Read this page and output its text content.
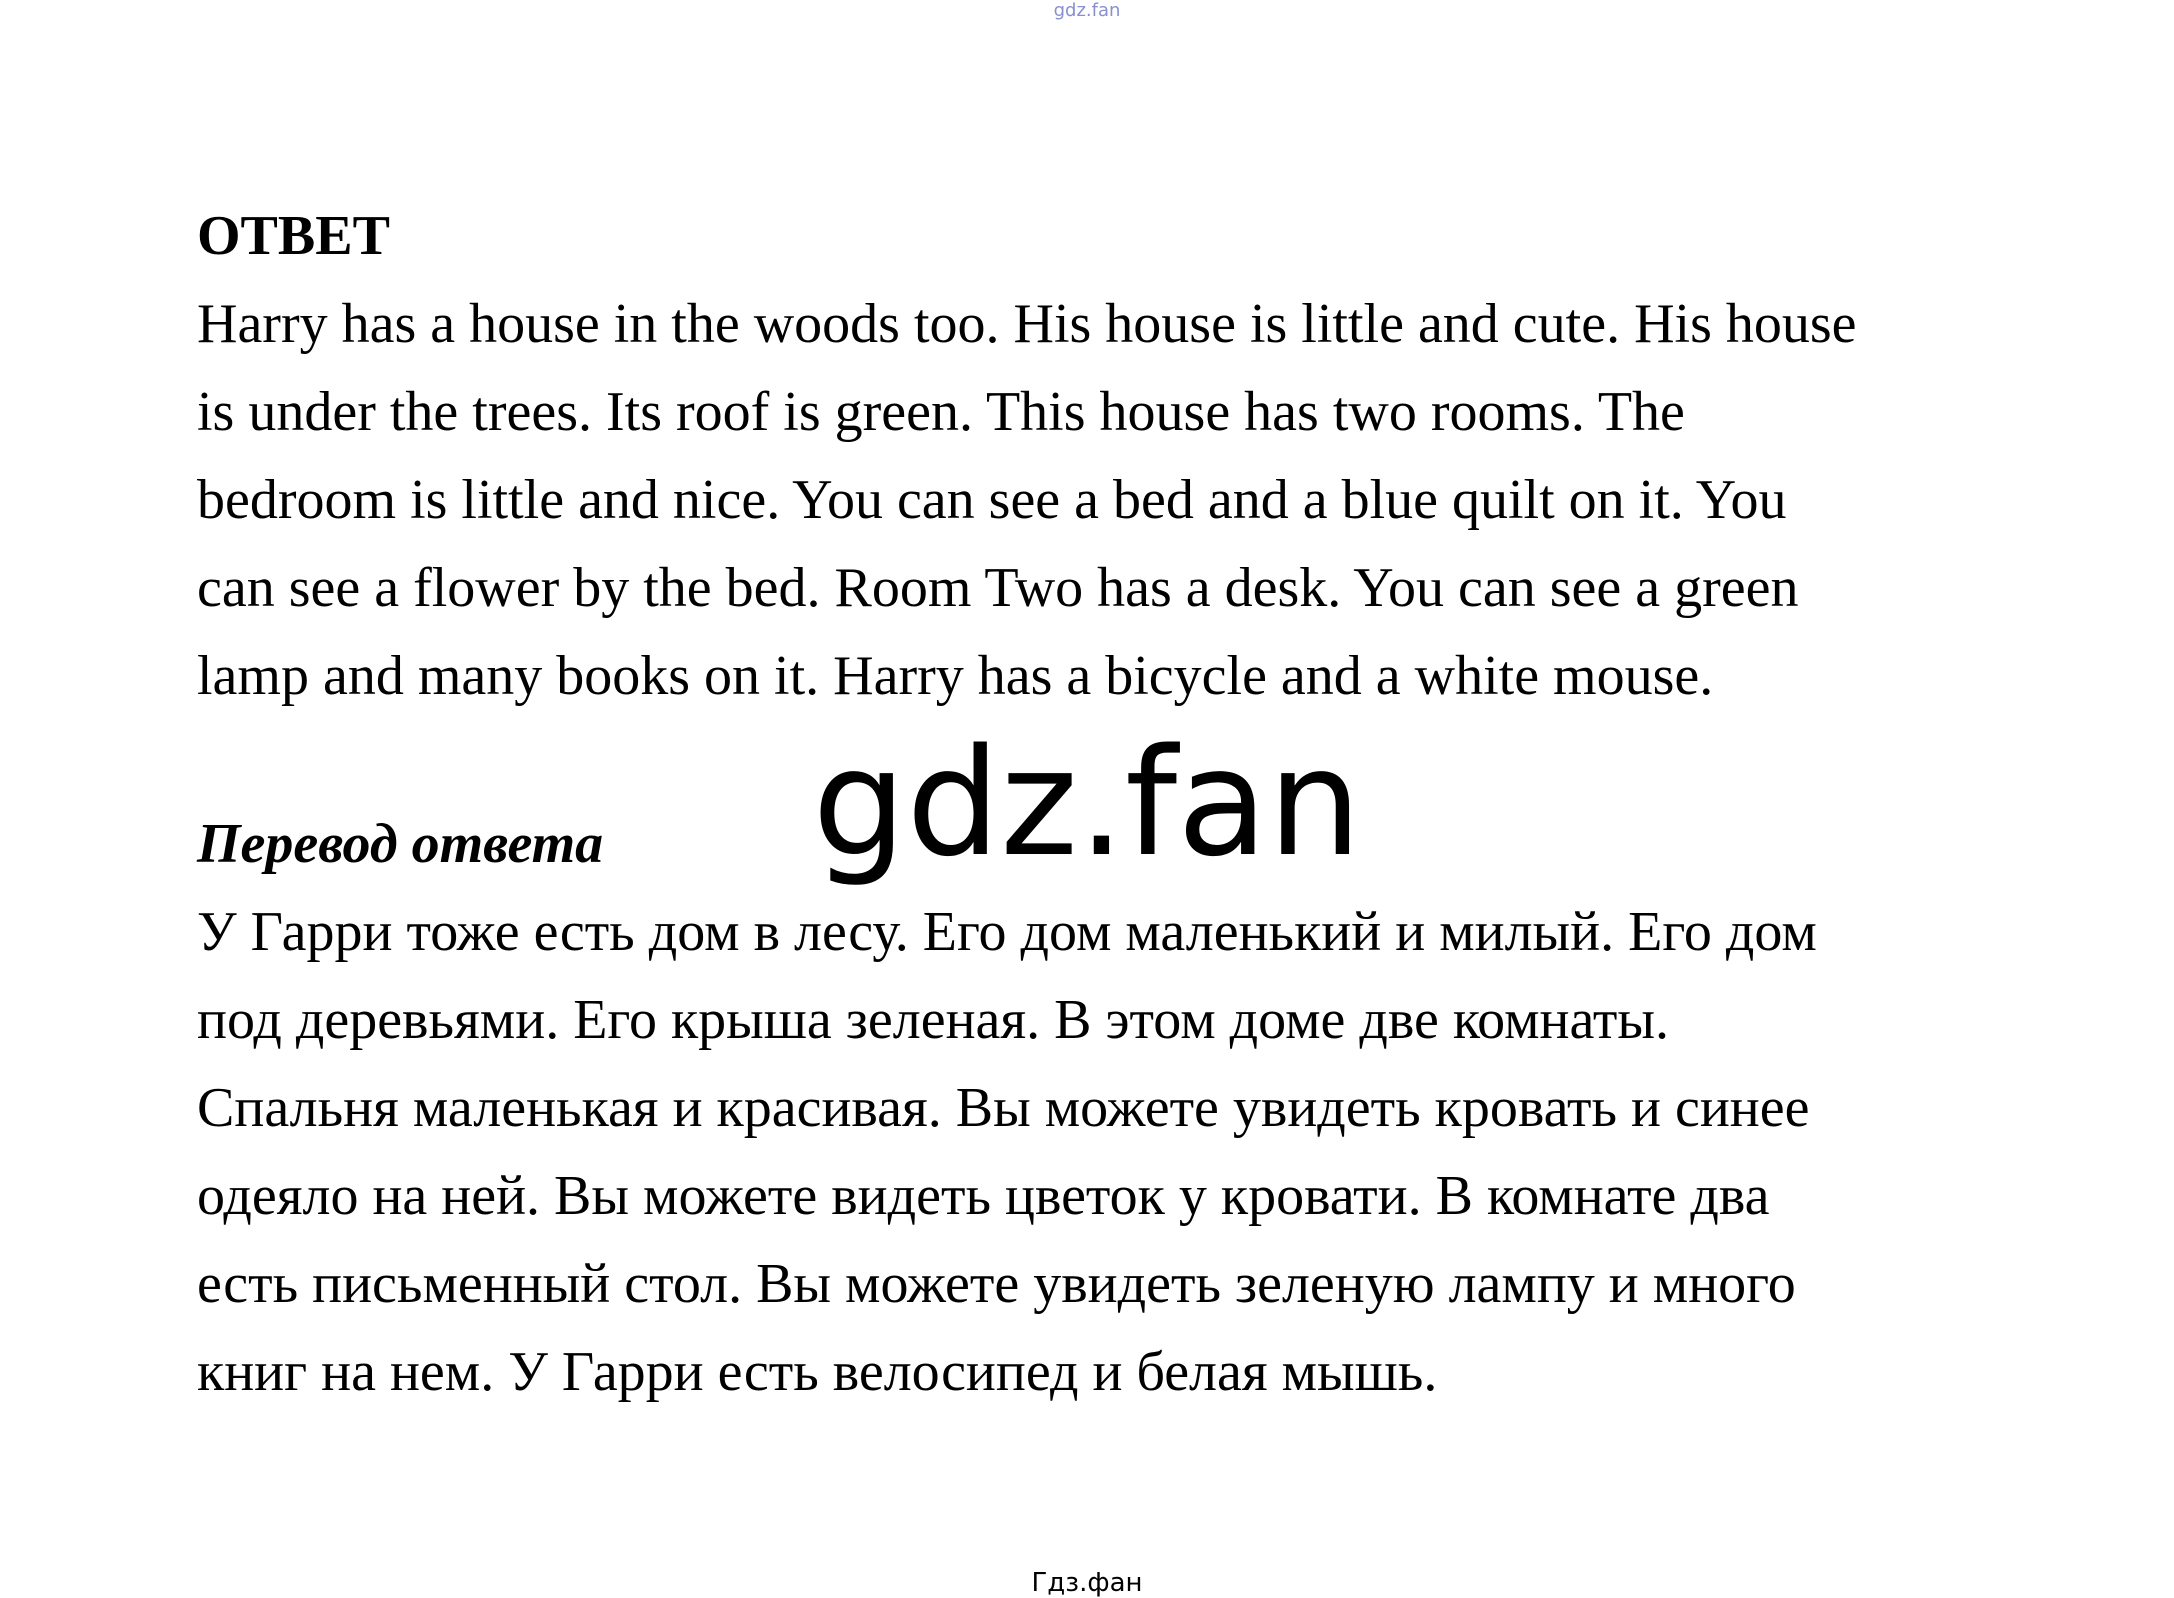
gdz.fan
ОТВЕТ

Harry has a house in the woods too. His house is little and cute. His house
is under the trees. Its roof is green. This house has two rooms. The
bedroom is little and nice. You can see a bed and a blue quilt on it. You
can see a flower by the bed. Room Two has a desk. You can see a green
lamp and many books on it. Harry has a bicycle and a white mouse.

Перевод ответа

У Гарри тоже есть дом в лесу. Его дом маленький и милый. Его дом
под деревьями. Его крыша зеленая. В этом доме две комнаты.
Спальня маленькая и красивая. Вы можете увидеть кровать и синее
одеяло на ней. Вы можете видеть цветок у кровати. В комнате два
есть письменный стол. Вы можете увидеть зеленую лампу и много
книг на нем. У Гарри есть велосипед и белая мышь.

gdz.fan
Гдз.фан
